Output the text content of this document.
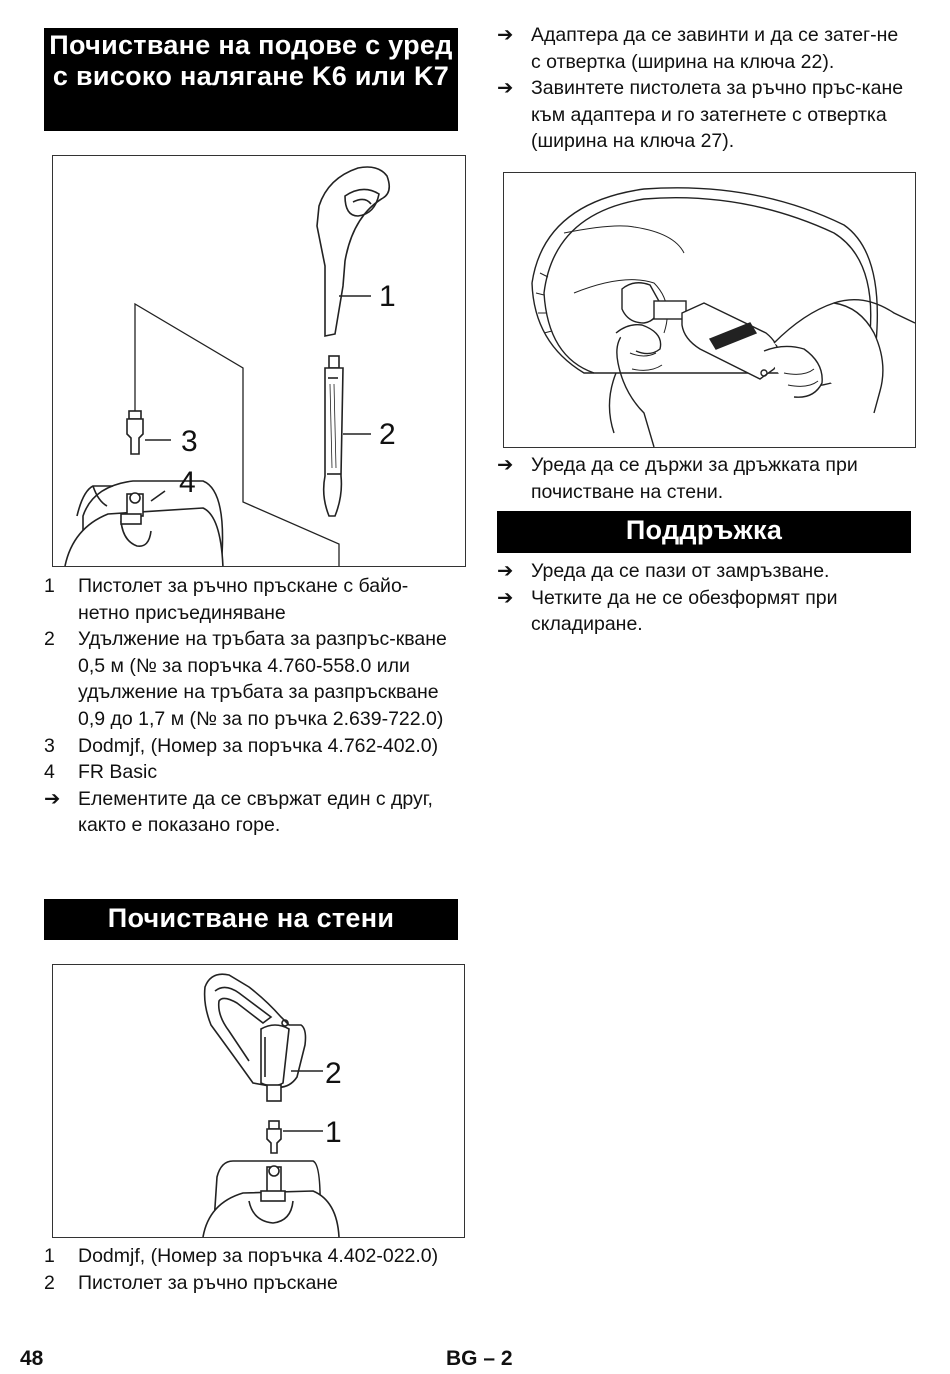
Почистване на подове с уред с високо налягане K6 или K7
1
2
3
4
1	Пистолет за ръчно пръскане с байо-нетно присъединяване
2	Удължение на тръбата за разпръс-кване 0,5 м (№ за поръчка 4.760-558.0 или удължение на тръбата за разпръскване 0,9 до 1,7 м (№ за по ръчка 2.639-722.0)
3	Dodmjf, (Номер за поръчка 4.762-402.0)
4	FR Basic
➔ Елементите да се свържат един с друг, както е показано горе.
Почистване на стени
2
1
1	Dodmjf, (Номер за поръчка 4.402-022.0)
2	Пистолет за ръчно пръскане
➔ Адаптера да се завинти и да се затег-не с отвертка (ширина на ключа 22).
➔ Завинтете пистолета за ръчно пръс-кане към адаптера и го затегнете с отвертка (ширина на ключа 27).
➔ Уреда да се държи за дръжката при почистване на стени.
Поддръжка
➔ Уреда да се пази от замръзване.
➔ Четките да не се обезформят при складиране.
48	BG – 2
